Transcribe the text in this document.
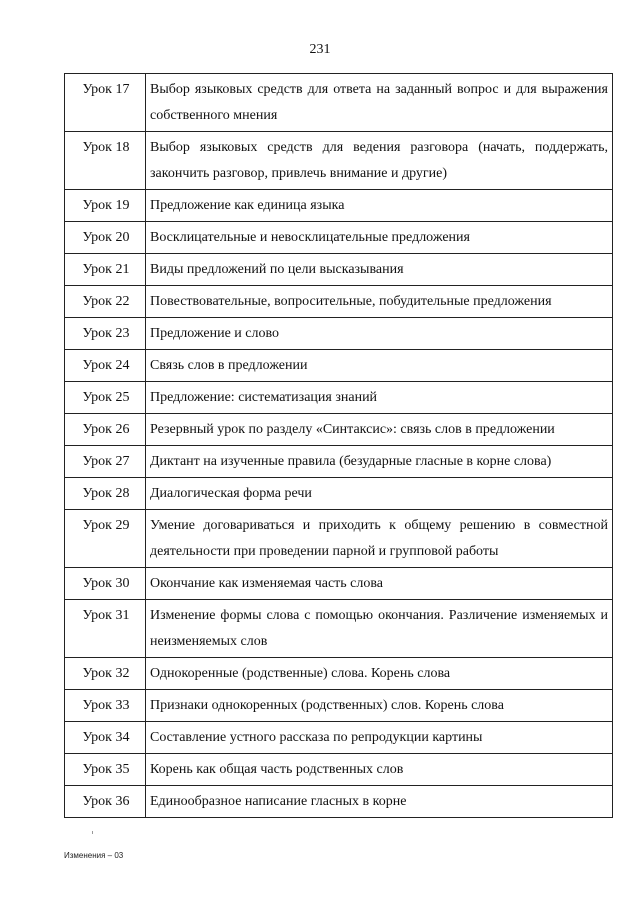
231
Урок 17	Выбор языковых средств для ответа на заданный вопрос и для выражения собственного мнения
Урок 18	Выбор языковых средств для ведения разговора (начать, поддержать, закончить разговор, привлечь внимание и другие)
Урок 19	Предложение как единица языка
Урок 20	Восклицательные и невосклицательные предложения
Урок 21	Виды предложений по цели высказывания
Урок 22	Повествовательные, вопросительные, побудительные предложения
Урок 23	Предложение и слово
Урок 24	Связь слов в предложении
Урок 25	Предложение: систематизация знаний
Урок 26	Резервный урок по разделу «Синтаксис»: связь слов в предложении
Урок 27	Диктант на изученные правила (безударные гласные в корне слова)
Урок 28	Диалогическая форма речи
Урок 29	Умение договариваться и приходить к общему решению в совместной деятельности при проведении парной и групповой работы
Урок 30	Окончание как изменяемая часть слова
Урок 31	Изменение формы слова с помощью окончания. Различение изменяемых и неизменяемых слов
Урок 32	Однокоренные (родственные) слова. Корень слова
Урок 33	Признаки однокоренных (родственных) слов. Корень слова
Урок 34	Составление устного рассказа по репродукции картины
Урок 35	Корень как общая часть родственных слов
Урок 36	Единообразное написание гласных в корне
Изменения – 03
